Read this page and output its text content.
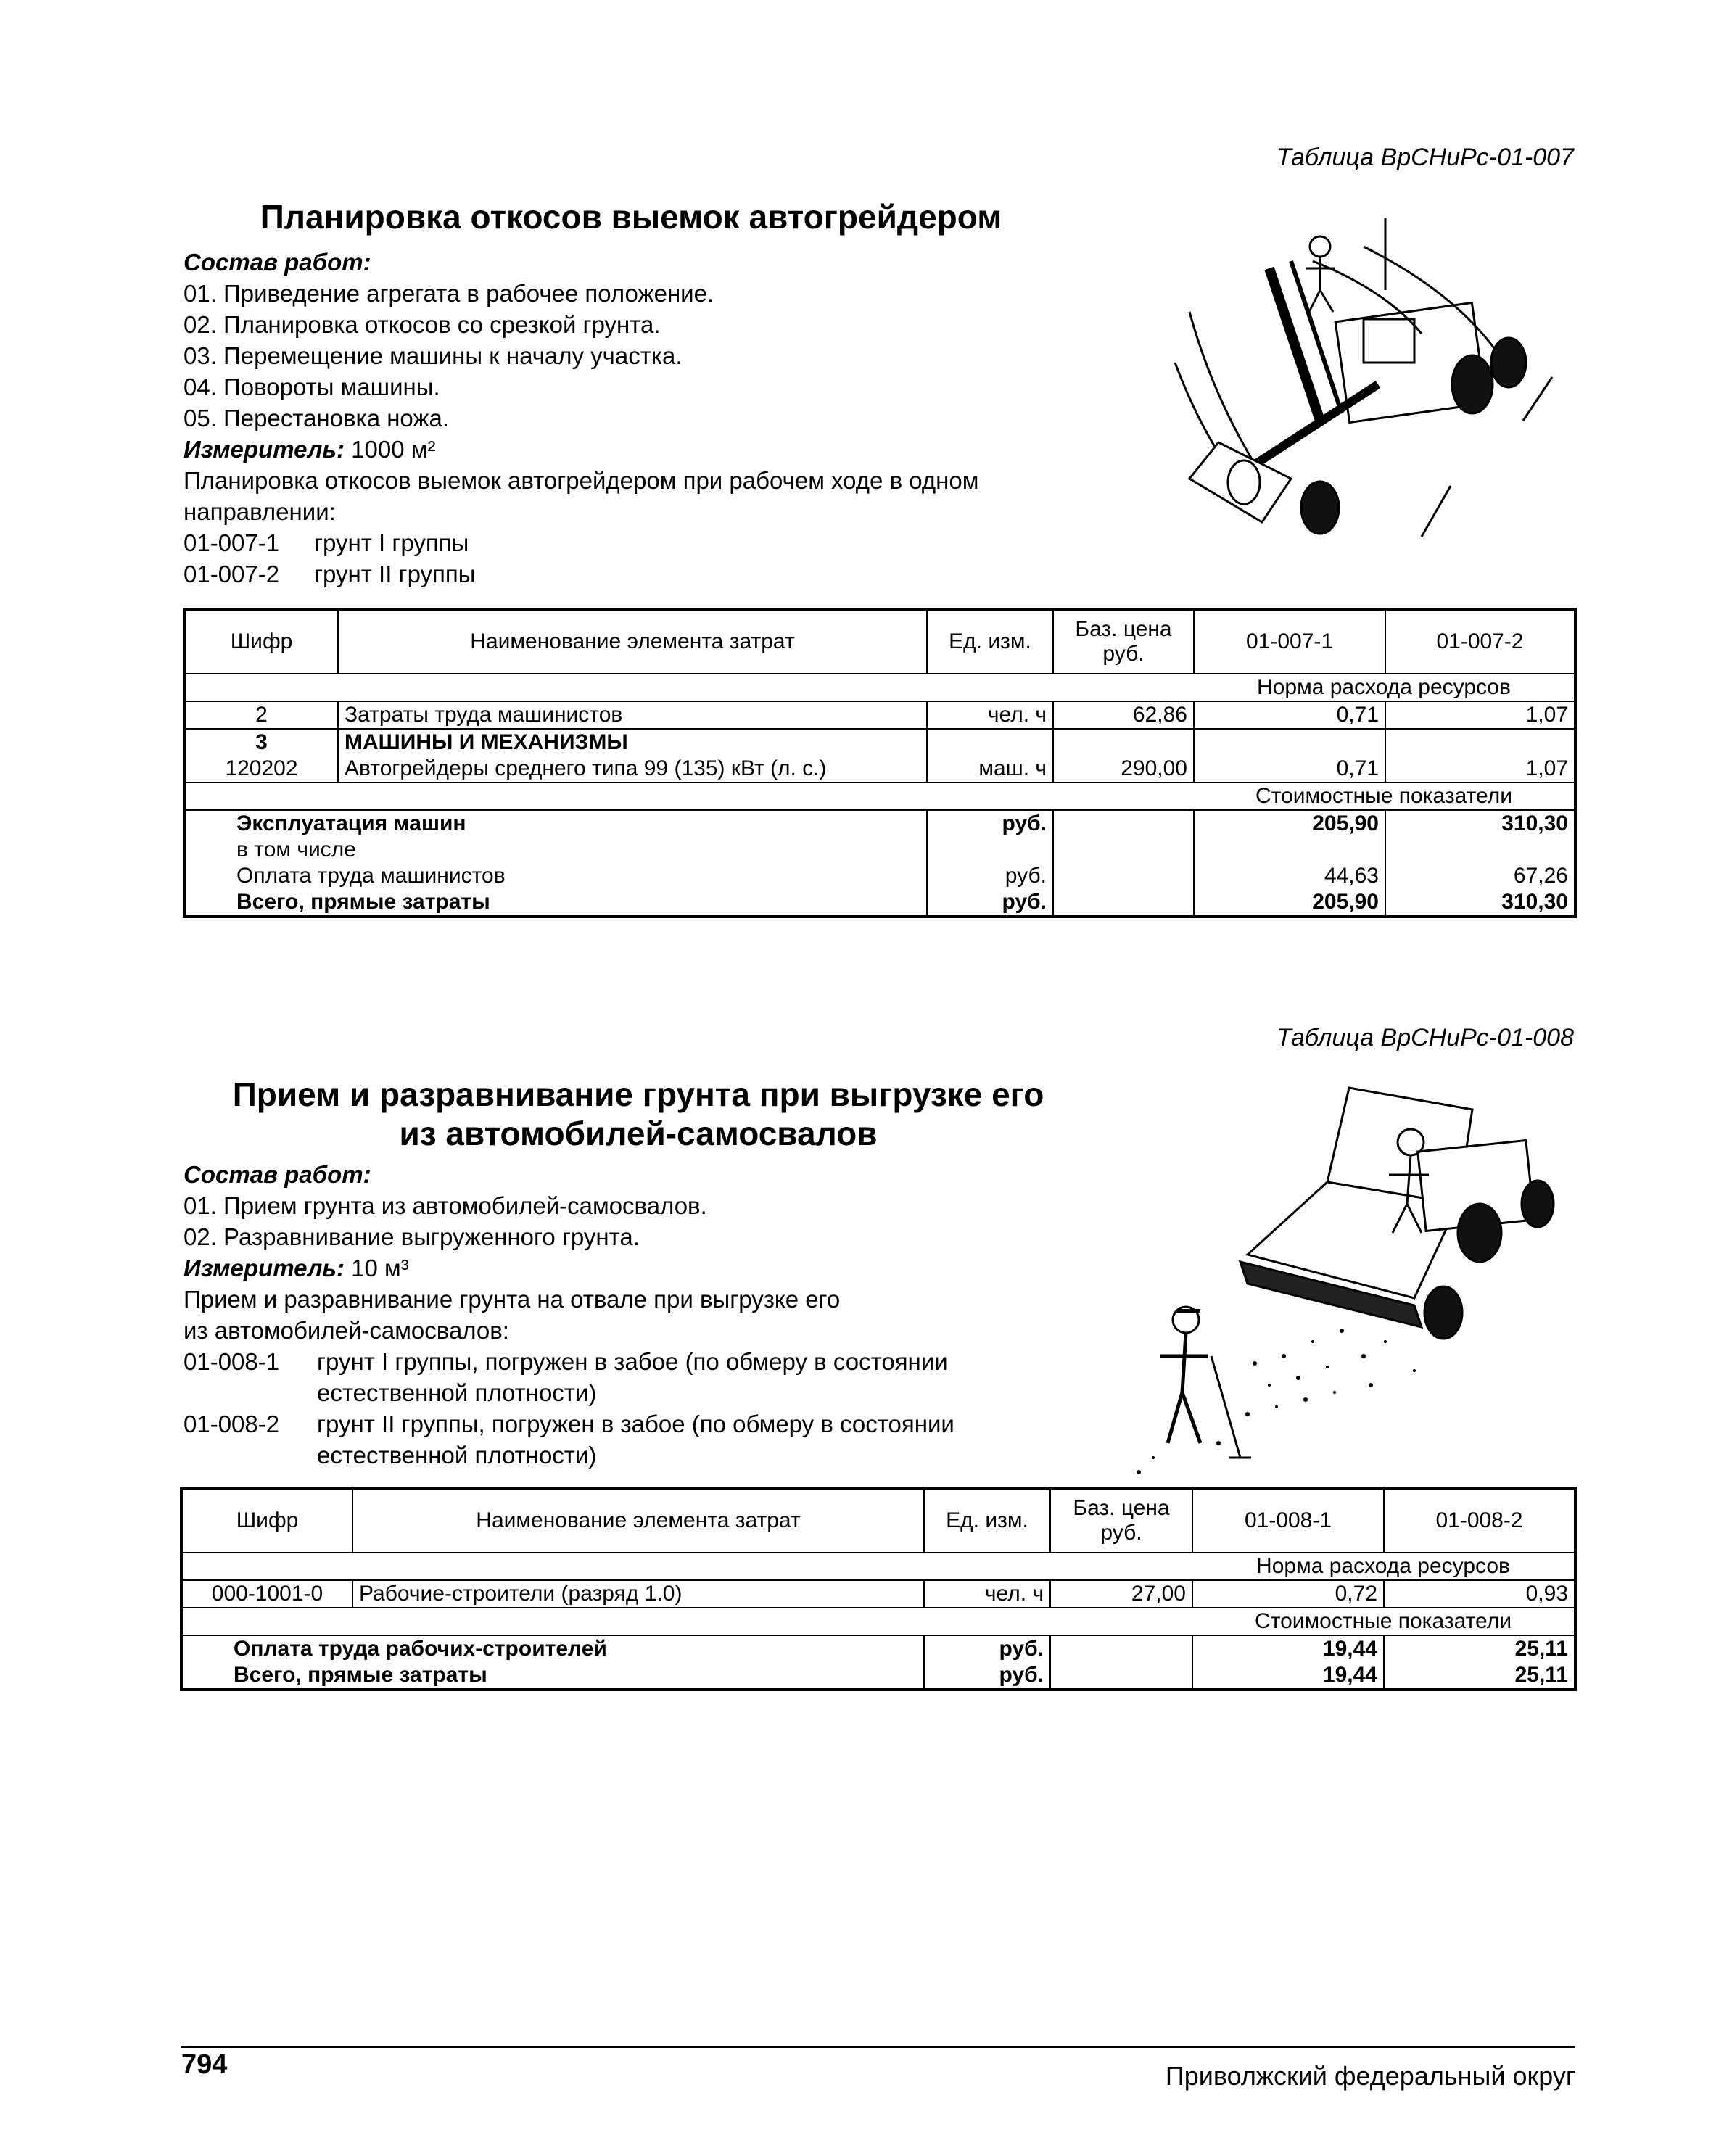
Таблица ВрСНиРс-01-007
Планировка откосов выемок автогрейдером
Состав работ:
01. Приведение агрегата в рабочее положение.
02. Планировка откосов со срезкой грунта.
03. Перемещение машины к началу участка.
04. Повороты машины.
05. Перестановка ножа.
Измеритель: 1000 м²
Планировка откосов выемок автогрейдером при рабочем ходе в одном направлении:
01-007-1	грунт I группы
01-007-2	грунт II группы
Шифр	Наименование элемента затрат	Ед. изм.	Баз. цена руб.	01-007-1	01-007-2
				Норма расхода ресурсов	
2	Затраты труда машинистов	чел. ч	62,86	0,71	1,07
3	МАШИНЫ И МЕХАНИЗМЫ				
120202	Автогрейдеры среднего типа 99 (135) кВт (л. с.)	маш. ч	290,00	0,71	1,07
				Стоимостные показатели	
Эксплуатация машин		руб.		205,90	310,30
в том числе					
Оплата труда машинистов		руб.		44,63	67,26
Всего, прямые затраты		руб.		205,90	310,30
Таблица ВрСНиРс-01-008
Прием и разравнивание грунта при выгрузке его
из автомобилей-самосвалов
Состав работ:
01. Прием грунта из автомобилей-самосвалов.
02. Разравнивание выгруженного грунта.
Измеритель: 10 м³
Прием и разравнивание грунта на отвале при выгрузке его
из автомобилей-самосвалов:
01-008-1	грунт I группы, погружен в забое (по обмеру в состоянии естественной плотности)
01-008-2	грунт II группы, погружен в забое (по обмеру в состоянии естественной плотности)
Шифр	Наименование элемента затрат	Ед. изм.	Баз. цена руб.	01-008-1	01-008-2
				Норма расхода ресурсов	
000-1001-0	Рабочие-строители (разряд 1.0)	чел. ч	27,00	0,72	0,93
				Стоимостные показатели	
Оплата труда рабочих-строителей		руб.		19,44	25,11
Всего, прямые затраты		руб.		19,44	25,11
794	Приволжский федеральный округ
